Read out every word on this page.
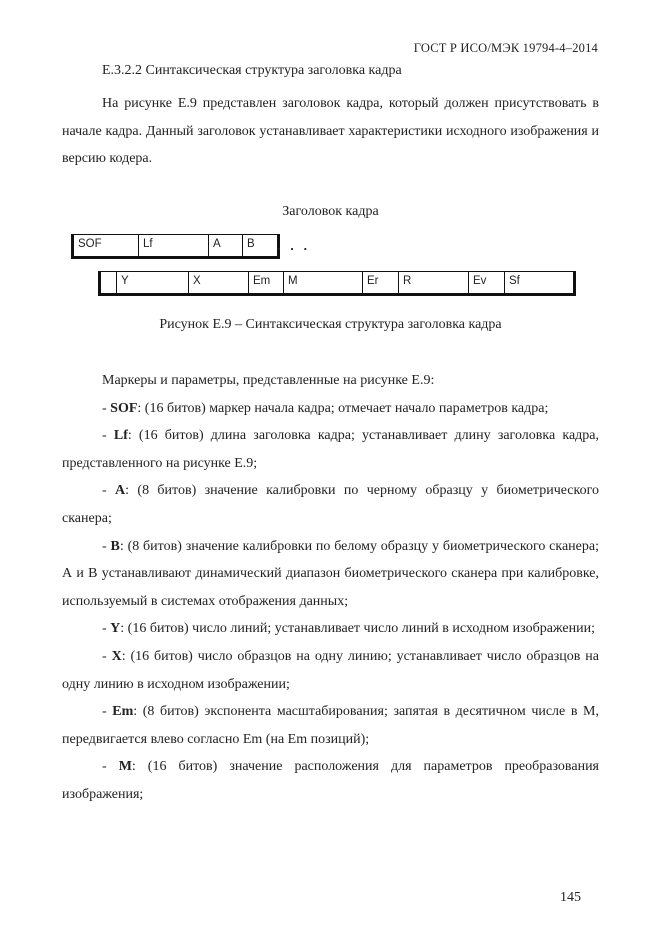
ГОСТ Р ИСО/МЭК 19794-4–2014
Е.3.2.2 Синтаксическая структура заголовка кадра
На рисунке Е.9 представлен заголовок кадра, который должен присутствовать в начале кадра. Данный заголовок устанавливает характеристики исходного изображения и версию кодера.
Заголовок кадра
SOF	Lf	A	B	. . .
Y	X	Em	M	Er	R	Ev	Sf
Рисунок Е.9 – Синтаксическая структура заголовка кадра

Маркеры и параметры, представленные на рисунке Е.9:

- SOF: (16 битов) маркер начала кадра; отмечает начало параметров кадра;

- Lf: (16 битов) длина заголовка кадра; устанавливает длину заголовка кадра, представленного на рисунке Е.9;

- A: (8 битов) значение калибровки по черному образцу у биометрического сканера;

- B: (8 битов) значение калибровки по белому образцу у биометрического сканера; А и В устанавливают динамический диапазон биометрического сканера при калибровке, используемый в системах отображения данных;

- Y: (16 битов) число линий; устанавливает число линий в исходном изображении;

- X: (16 битов) число образцов на одну линию; устанавливает число образцов на одну линию в исходном изображении;

- Em: (8 битов) экспонента масштабирования; запятая в десятичном числе в М, передвигается влево согласно Em (на Em позиций);

- M: (16 битов) значение расположения для параметров преобразования изображения;

145
